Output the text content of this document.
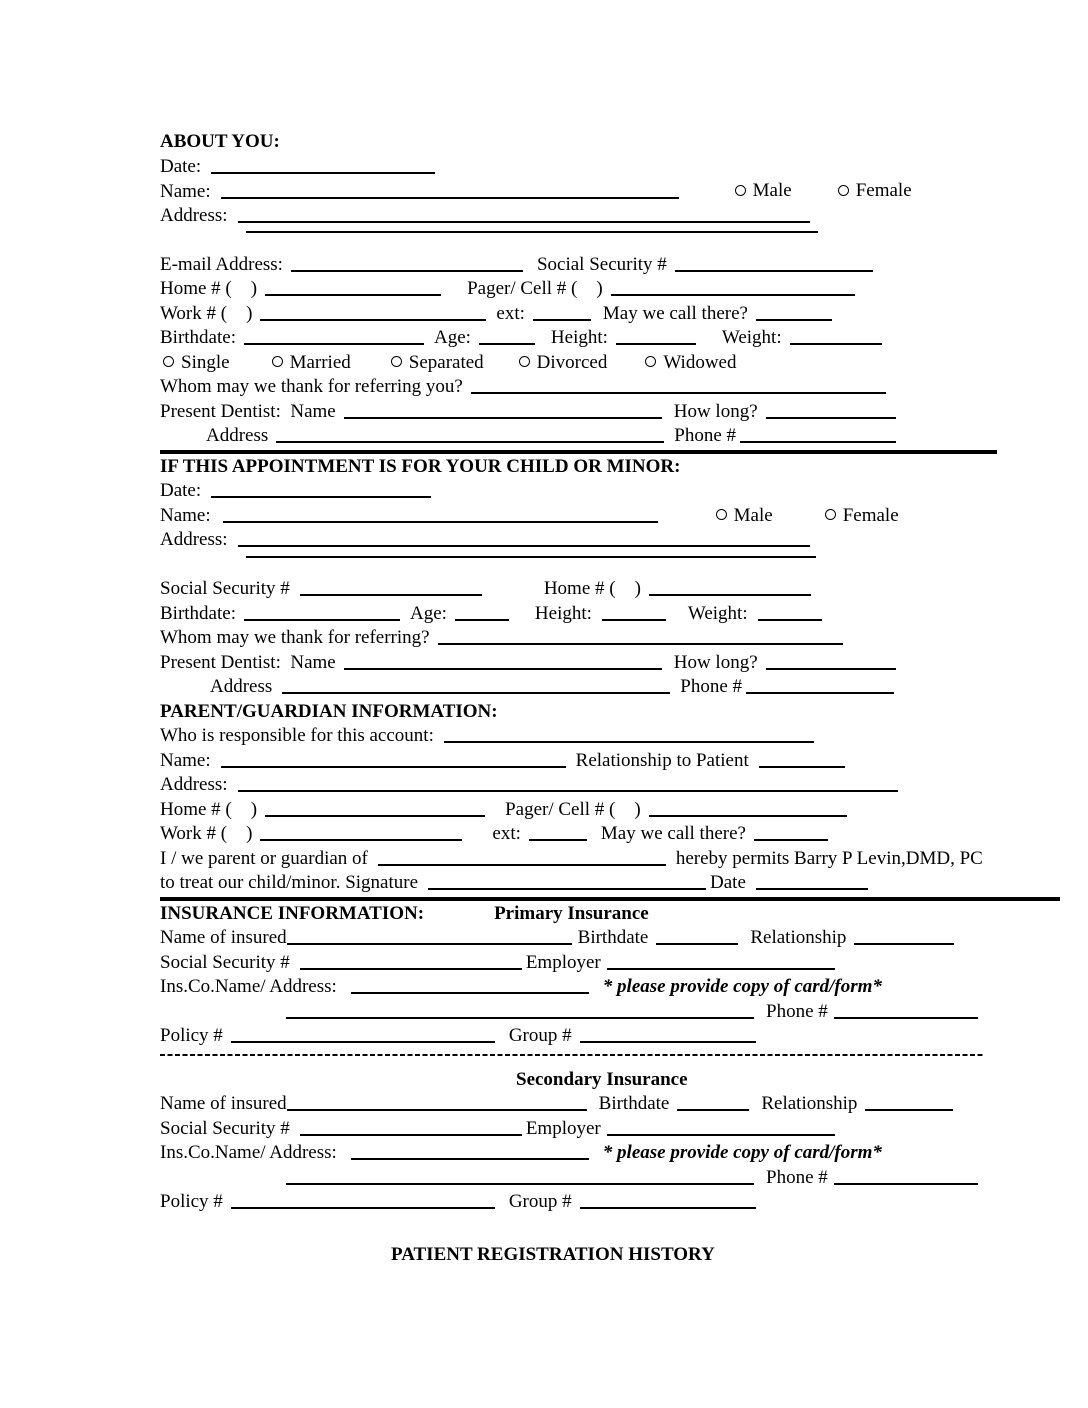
ABOUT YOU:
Date:
Name:	Male	Female
Address:
E-mail Address:	Social Security #
Home # (    )	Pager/ Cell # (    )
Work # (    )	ext:	May we call there?
Birthdate:	Age:	Height:	Weight:
Single	Married	Separated	Divorced	Widowed
Whom may we thank for referring you?
Present Dentist:  Name	How long?
Address	Phone #
IF THIS APPOINTMENT IS FOR YOUR CHILD OR MINOR:
Date:
Name:	Male	Female
Address:
Social Security #	Home # (    )
Birthdate:	Age:	Height:	Weight:
Whom may we thank for referring?
Present Dentist:  Name	How long?
Address	Phone #
PARENT/GUARDIAN INFORMATION:
Who is responsible for this account:
Name:	Relationship to Patient
Address:
Home # (    )	Pager/ Cell # (    )
Work # (    )	ext:	May we call there?
I / we parent or guardian of	hereby permits Barry P Levin,DMD, PC
to treat our child/minor. Signature	Date
INSURANCE INFORMATION:	Primary Insurance
Name of insured	Birthdate	Relationship
Social Security #	Employer
Ins.Co.Name/ Address:	* please provide copy of card/form*
Phone #
Policy #	Group #
Secondary Insurance
Name of insured	Birthdate	Relationship
Social Security #	Employer
Ins.Co.Name/ Address:	* please provide copy of card/form*
Phone #
Policy #	Group #
PATIENT REGISTRATION HISTORY
